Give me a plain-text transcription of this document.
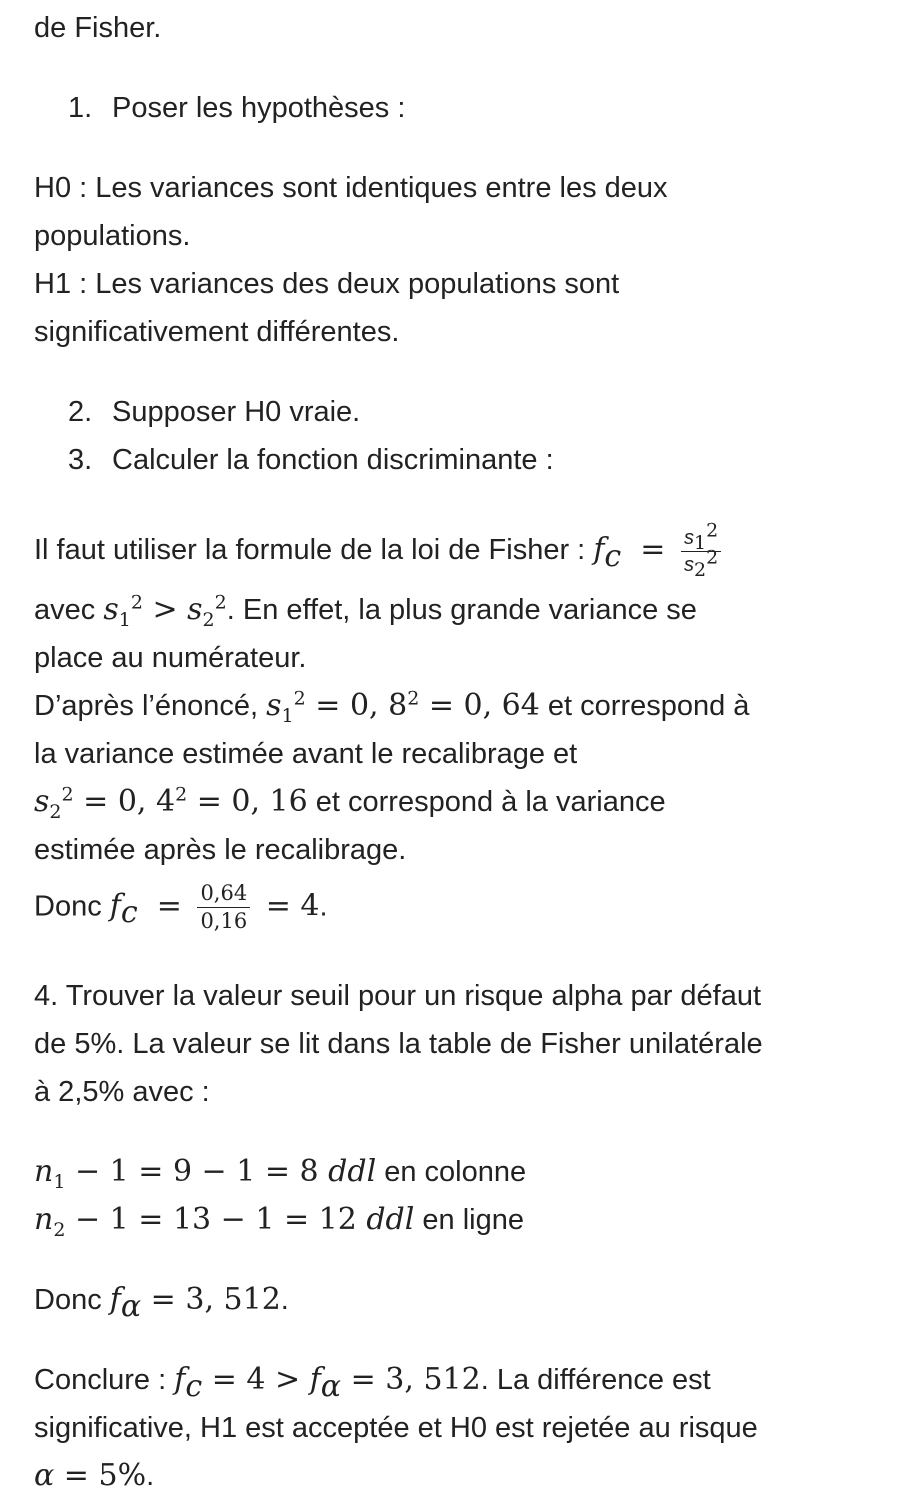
de Fisher.
1. Poser les hypothèses :
H0 : Les variances sont identiques entre les deux
populations.
H1 : Les variances des deux populations sont
significativement différentes.
2. Supposer H0 vraie.
3. Calculer la fonction discriminante :
Il faut utiliser la formule de la loi de Fisher : $f_c = \frac{s_1^2}{s_2^2}$
avec $s_1^2 > s_2^2$. En effet, la plus grande variance se
place au numérateur.
D’après l’énoncé, $s_1^2 = 0$, $8^2 = 0$, 64 et correspond à
la variance estimée avant le recalibrage et
$s_2^2 = 0$, $4^2 = 0$, 16 et correspond à la variance
estimée après le recalibrage.
Donc $f_c = \frac{0,64}{0,16} = 4$.
4. Trouver la valeur seuil pour un risque alpha par défaut
de 5%. La valeur se lit dans la table de Fisher unilatérale
à 2,5% avec :
$n_1 - 1 = 9 - 1 = 8$ ddl en colonne
$n_2 - 1 = 13 - 1 = 12$ ddl en ligne
Donc $f_\alpha = 3$, 512.
Conclure : $f_c = 4 > f_\alpha = 3$, 512. La différence est
significative, H1 est acceptée et H0 est rejetée au risque
α = 5%.
